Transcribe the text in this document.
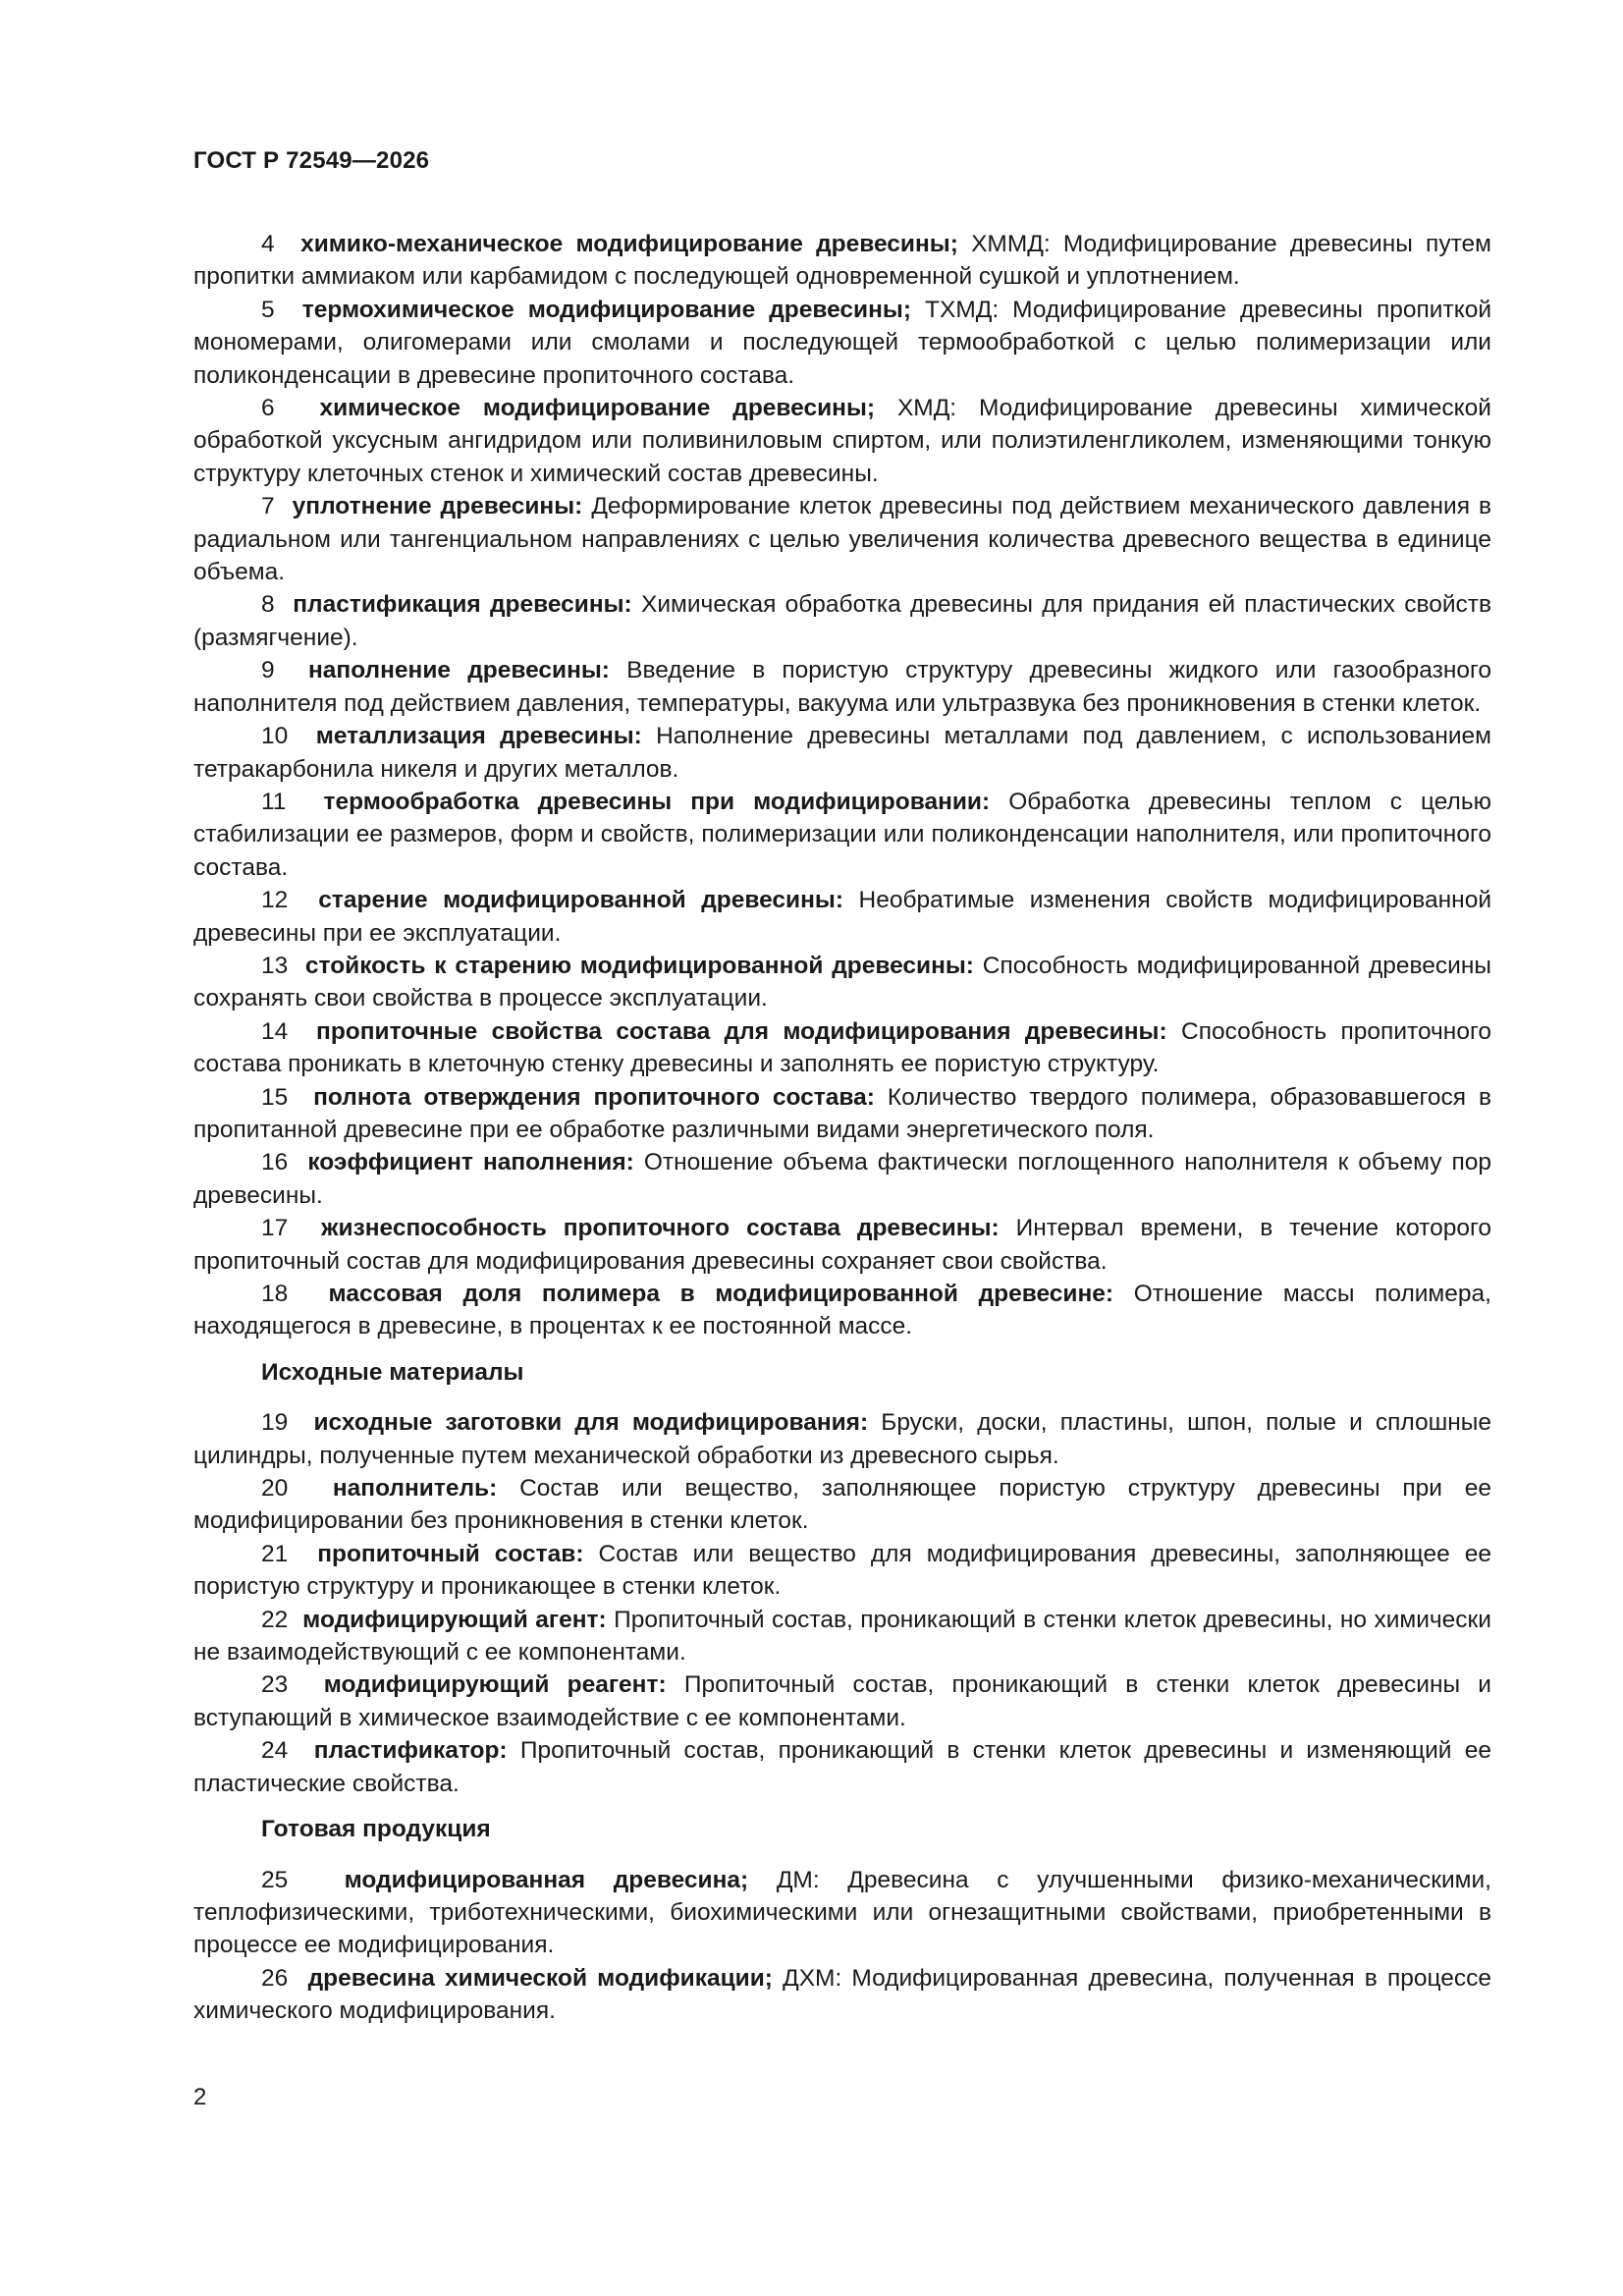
ГОСТ Р 72549—2026

4 химико-механическое модифицирование древесины; ХММД: Модифицирование древесины путем пропитки аммиаком или карбамидом с последующей одновременной сушкой и уплотнением.

5 термохимическое модифицирование древесины; ТХМД: Модифицирование древесины пропиткой мономерами, олигомерами или смолами и последующей термообработкой с целью полимеризации или поликонденсации в древесине пропиточного состава.

6 химическое модифицирование древесины; ХМД: Модифицирование древесины химической обработкой уксусным ангидридом или поливиниловым спиртом, или полиэтиленгликолем, изменяющими тонкую структуру клеточных стенок и химический состав древесины.

7 уплотнение древесины: Деформирование клеток древесины под действием механического давления в радиальном или тангенциальном направлениях с целью увеличения количества древесного вещества в единице объема.

8 пластификация древесины: Химическая обработка древесины для придания ей пластических свойств (размягчение).

9 наполнение древесины: Введение в пористую структуру древесины жидкого или газообразного наполнителя под действием давления, температуры, вакуума или ультразвука без проникновения в стенки клеток.

10 металлизация древесины: Наполнение древесины металлами под давлением, с использованием тетракарбонила никеля и других металлов.

11 термообработка древесины при модифицировании: Обработка древесины теплом с целью стабилизации ее размеров, форм и свойств, полимеризации или поликонденсации наполнителя, или пропиточного состава.

12 старение модифицированной древесины: Необратимые изменения свойств модифицированной древесины при ее эксплуатации.

13 стойкость к старению модифицированной древесины: Способность модифицированной древесины сохранять свои свойства в процессе эксплуатации.

14 пропиточные свойства состава для модифицирования древесины: Способность пропиточного состава проникать в клеточную стенку древесины и заполнять ее пористую структуру.

15 полнота отверждения пропиточного состава: Количество твердого полимера, образовавшегося в пропитанной древесине при ее обработке различными видами энергетического поля.

16 коэффициент наполнения: Отношение объема фактически поглощенного наполнителя к объему пор древесины.

17 жизнеспособность пропиточного состава древесины: Интервал времени, в течение которого пропиточный состав для модифицирования древесины сохраняет свои свойства.

18 массовая доля полимера в модифицированной древесине: Отношение массы полимера, находящегося в древесине, в процентах к ее постоянной массе.

Исходные материалы

19 исходные заготовки для модифицирования: Бруски, доски, пластины, шпон, полые и сплошные цилиндры, полученные путем механической обработки из древесного сырья.

20 наполнитель: Состав или вещество, заполняющее пористую структуру древесины при ее модифицировании без проникновения в стенки клеток.

21 пропиточный состав: Состав или вещество для модифицирования древесины, заполняющее ее пористую структуру и проникающее в стенки клеток.

22 модифицирующий агент: Пропиточный состав, проникающий в стенки клеток древесины, но химически не взаимодействующий с ее компонентами.

23 модифицирующий реагент: Пропиточный состав, проникающий в стенки клеток древесины и вступающий в химическое взаимодействие с ее компонентами.

24 пластификатор: Пропиточный состав, проникающий в стенки клеток древесины и изменяющий ее пластические свойства.

Готовая продукция

25 модифицированная древесина; ДМ: Древесина с улучшенными физико-механическими, теплофизическими, триботехническими, биохимическими или огнезащитными свойствами, приобретенными в процессе ее модифицирования.

26 древесина химической модификации; ДХМ: Модифицированная древесина, полученная в процессе химического модифицирования.

2
